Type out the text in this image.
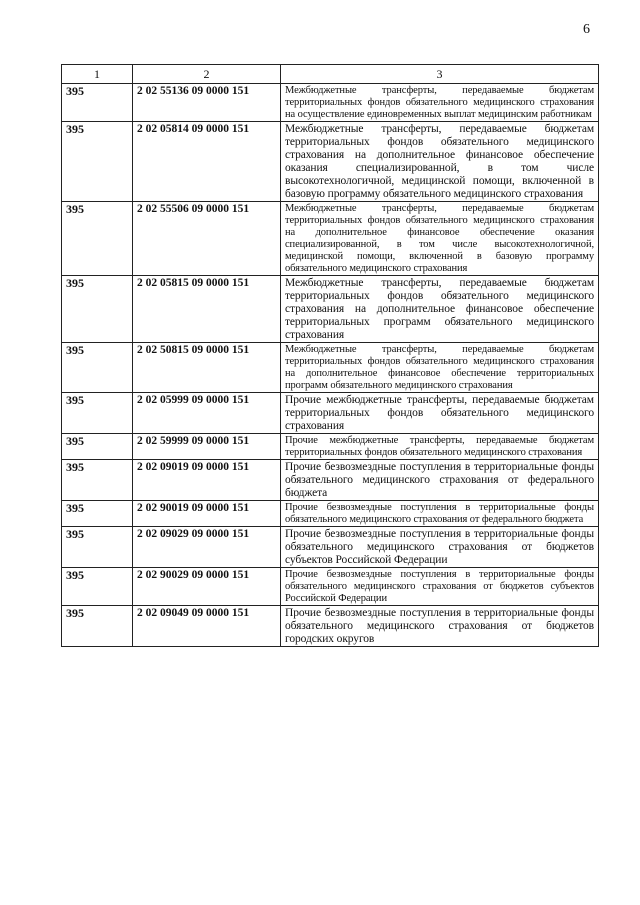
6
1	2	3
395	2 02 55136 09 0000 151	Межбюджетные трансферты, передаваемые бюджетам территориальных фондов обязательного медицинского страхования на осуществление единовременных выплат медицинским работникам
395	2 02 05814 09 0000 151	Межбюджетные трансферты, передаваемые бюджетам территориальных фондов обязательного медицинского страхования на дополнительное финансовое обеспечение оказания специализированной, в том числе высокотехнологичной, медицинской помощи, включенной в базовую программу обязательного медицинского страхования
395	2 02 55506 09 0000 151	Межбюджетные трансферты, передаваемые бюджетам территориальных фондов обязательного медицинского страхования на дополнительное финансовое обеспечение оказания специализированной, в том числе высокотехнологичной, медицинской помощи, включенной в базовую программу обязательного медицинского страхования
395	2 02 05815 09 0000 151	Межбюджетные трансферты, передаваемые бюджетам территориальных фондов обязательного медицинского страхования на дополнительное финансовое обеспечение территориальных программ обязательного медицинского страхования
395	2 02 50815 09 0000 151	Межбюджетные трансферты, передаваемые бюджетам территориальных фондов обязательного медицинского страхования на дополнительное финансовое обеспечение территориальных программ обязательного медицинского страхования
395	2 02 05999 09 0000 151	Прочие межбюджетные трансферты, передаваемые бюджетам территориальных фондов обязательного медицинского страхования
395	2 02 59999 09 0000 151	Прочие межбюджетные трансферты, передаваемые бюджетам территориальных фондов обязательного медицинского страхования
395	2 02 09019 09 0000 151	Прочие безвозмездные поступления в территориальные фонды обязательного медицинского страхования от федерального бюджета
395	2 02 90019 09 0000 151	Прочие безвозмездные поступления в территориальные фонды обязательного медицинского страхования от федерального бюджета
395	2 02 09029 09 0000 151	Прочие безвозмездные поступления в территориальные фонды обязательного медицинского страхования от бюджетов субъектов Российской Федерации
395	2 02 90029 09 0000 151	Прочие безвозмездные поступления в территориальные фонды обязательного медицинского страхования от бюджетов субъектов Российской Федерации
395	2 02 09049 09 0000 151	Прочие безвозмездные поступления в территориальные фонды обязательного медицинского страхования от бюджетов городских округов
